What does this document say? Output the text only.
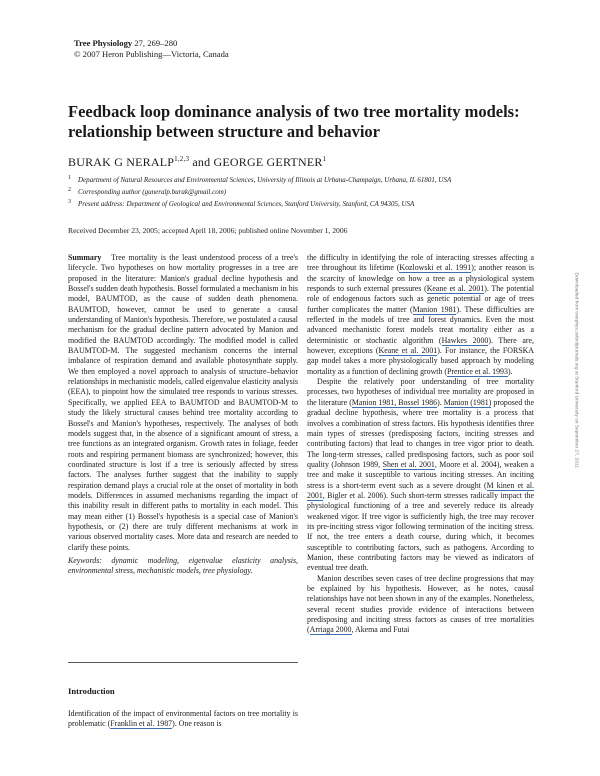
Tree Physiology 27, 269–280
© 2007 Heron Publishing—Victoria, Canada
Feedback loop dominance analysis of two tree mortality models: relationship between structure and behavior
BURAK G NERALP$^{1,2,3}$ and GEORGE GERTNER$^1$
1	Department of Natural Resources and Environmental Sciences, University of Illinois at Urbana-Champaign, Urbana, IL 61801, USA
2	Corresponding author (guneralp.burak@gmail.com)
3	Present address: Department of Geological and Environmental Sciences, Stanford University, Stanford, CA 94305, USA
Received December 23, 2005; accepted April 18, 2006; published online November 1, 2006

Summary Tree mortality is the least understood process of a tree's lifecycle. Two hypotheses on how mortality progresses in a tree are proposed in the literature: Manion's gradual decline hypothesis and Bossel's sudden death hypothesis. Bossel formulated a mechanism in his model, BAUMTOD, as the cause of sudden death phenomena. BAUMTOD, however, cannot be used to generate a causal understanding of Manion's hypothesis. Therefore, we postulated a causal mechanism for the gradual decline pattern advocated by Manion and modified the BAUMTOD accordingly. The modified model is called BAUMTOD-M. The suggested mechanism concerns the internal imbalance of respiration demand and available photosynthate supply. We then employed a novel approach to analysis of structure–behavior relationships in mechanistic models, called eigenvalue elasticity analysis (EEA), to pinpoint how the simulated tree responds to various stresses. Specifically, we applied EEA to BAUMTOD and BAUMTOD-M to study the likely structural causes behind tree mortality according to Bossel's and Manion's hypotheses, respectively. The analyses of both models suggest that, in the absence of a significant amount of stress, a tree functions as an integrated organism. Growth rates in foliage, feeder roots and respiring permanent biomass are synchronized; however, this coordinated structure is lost if a tree is seriously affected by stress factors. The analyses further suggest that the inability to supply respiration demand plays a crucial role at the onset of mortality in both models. Differences in assumed mechanisms regarding the impact of this inability result in different paths to mortality in each model. This may mean either (1) Bossel's hypothesis is a special case of Manion's hypothesis, or (2) there are truly different mechanisms at work in various observed mortality cases. More data and research are needed to clarify these points.

Keywords: dynamic modeling, eigenvalue elasticity analysis, environmental stress, mechanistic models, tree physiology.

Introduction

Identification of the impact of environmental factors on tree mortality is problematic (Franklin et al. 1987). One reason is

the difficulty in identifying the role of interacting stresses affecting a tree throughout its lifetime (Kozlowski et al. 1991); another reason is the scarcity of knowledge on how a tree as a physiological system responds to such external pressures (Keane et al. 2001). The potential role of endogenous factors such as genetic potential or age of trees further complicates the matter (Manion 1981). These difficulties are reflected in the models of tree and forest dynamics. Even the most advanced mechanistic forest models treat mortality either as a deterministic or stochastic algorithm (Hawkes 2000). There are, however, exceptions (Keane et al. 2001). For instance, the FORSKA gap model takes a more physiologically based approach by modeling mortality as a function of declining growth (Prentice et al. 1993).

Despite the relatively poor understanding of tree mortality processes, two hypotheses of individual tree mortality are proposed in the literature (Manion 1981, Bossel 1986). Manion (1981) proposed the gradual decline hypothesis, where tree mortality is a process that involves a combination of stress factors. His hypothesis identifies three main types of stresses (predisposing factors, inciting stresses and contributing factors) that lead to changes in tree vigor prior to death. The long-term stresses, called predisposing factors, such as poor soil quality (Johnson 1989, Shen et al. 2001, Moore et al. 2004), weaken a tree and make it susceptible to various inciting stresses. An inciting stress is a short-term event such as a severe drought (M kinen et al. 2001, Bigler et al. 2006). Such short-term stresses radically impact the physiological functioning of a tree and severely reduce its already weakened vigor. If tree vigor is sufficiently high, the tree may recover its pre-inciting stress vigor following termination of the inciting stress. If not, the tree enters a death course, during which, it becomes susceptible to contributing factors, such as pathogens. According to Manion, these contributing factors may be viewed as indicators of eventual tree death.

Manion describes seven cases of tree decline progressions that may be explained by his hypothesis. However, as he notes, causal relationships have not been shown in any of the examples. Nonetheless, several recent studies provide evidence of interactions between predisposing and inciting stress factors as causes of tree mortalities (Arriaga 2000, Akema and Futai

Downloaded from treephys.oxfordjournals.org at Stanford University on September 27, 2011
